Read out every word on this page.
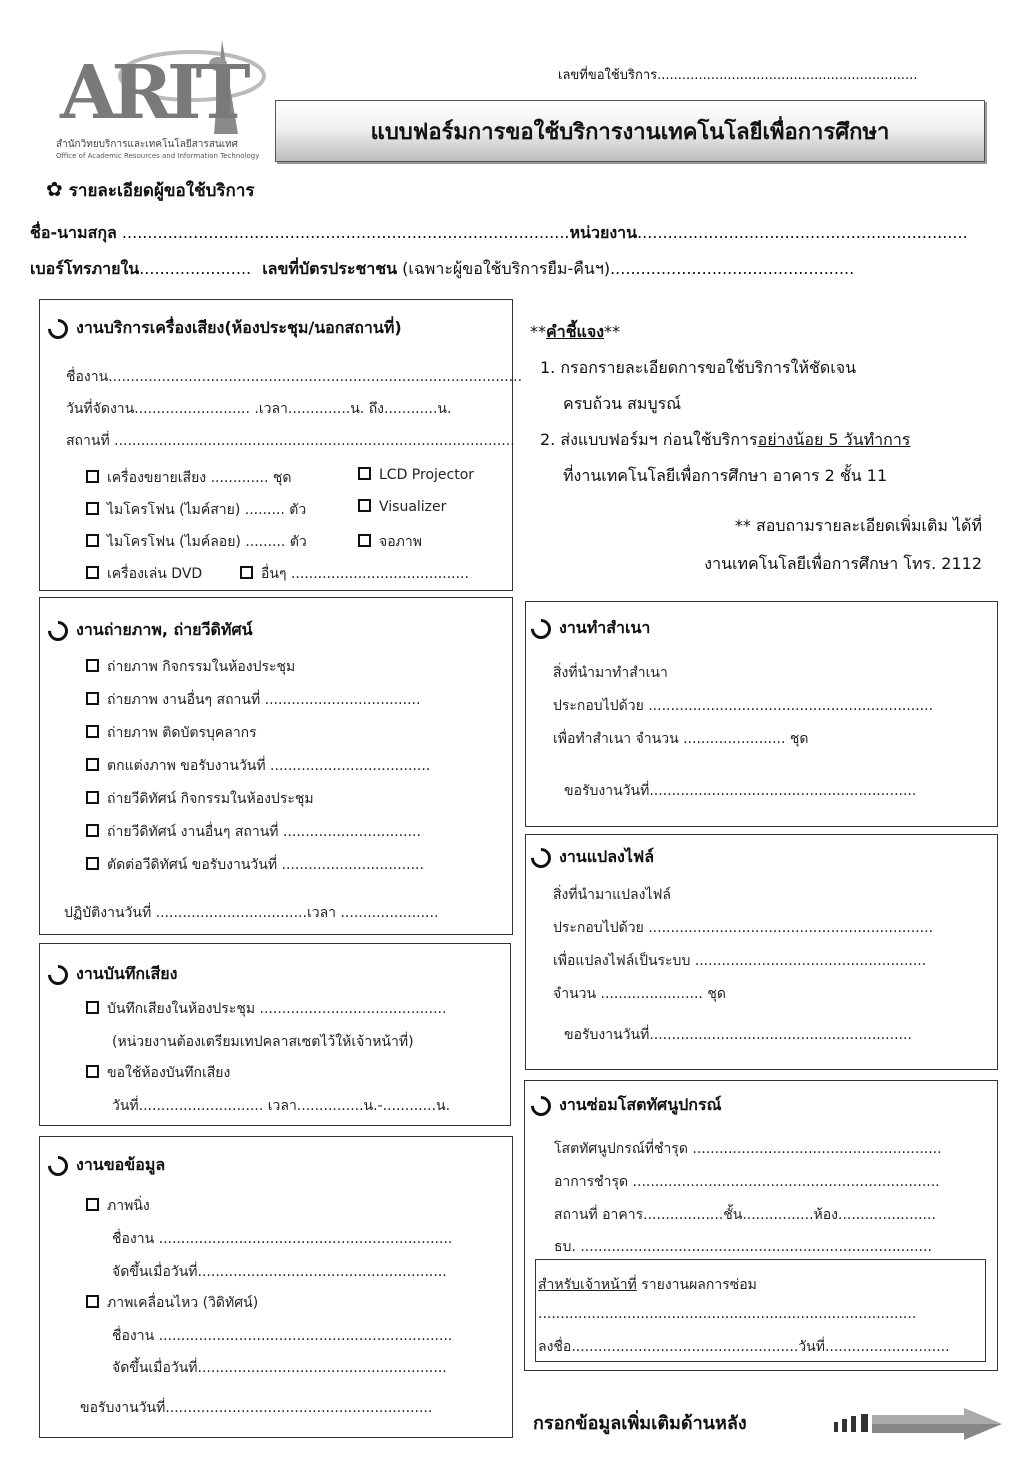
ARIT
สำนักวิทยบริการและเทคโนโลยีสารสนเทศ
Office of Academic Resources and Information Technology
เลขที่ขอใช้บริการ...............................................................
แบบฟอร์มการขอใช้บริการงานเทคโนโลยีเพื่อการศึกษา
✿ รายละเอียดผู้ขอใช้บริการ
ชื่อ-นามสกุล ........................................................................................หน่วยงาน.................................................................
เบอร์โทรภายใน...................... เลขที่บัตรประชาชน (เฉพาะผู้ขอใช้บริการยืม-คืนฯ)................................................
งานบริการเครื่องเสียง(ห้องประชุม/นอกสถานที่)
ชื่องาน.............................................................................................
วันที่จัดงาน.......................... .เวลา..............น. ถึง............น.
สถานที่ ..........................................................................................
เครื่องขยายเสียง ............. ชุด
ไมโครโฟน (ไมค์สาย) ......... ตัว
ไมโครโฟน (ไมค์ลอย) ......... ตัว
เครื่องเล่น DVD
LCD Projector
Visualizer
จอภาพ
อื่นๆ ........................................
**คำชี้แจง**
1. กรอกรายละเอียดการขอใช้บริการให้ชัดเจน
ครบถ้วน สมบูรณ์
2. ส่งแบบฟอร์มฯ ก่อนใช้บริการอย่างน้อย 5 วันทำการ
ที่งานเทคโนโลยีเพื่อการศึกษา อาคาร 2 ชั้น 11
** สอบถามรายละเอียดเพิ่มเติม ได้ที่
งานเทคโนโลยีเพื่อการศึกษา โทร. 2112
งานถ่ายภาพ, ถ่ายวีดิทัศน์
ถ่ายภาพ กิจกรรมในห้องประชุม
ถ่ายภาพ งานอื่นๆ สถานที่ ...................................
ถ่ายภาพ ติดบัตรบุคลากร
ตกแต่งภาพ ขอรับงานวันที่ ....................................
ถ่ายวีดิทัศน์ กิจกรรมในห้องประชุม
ถ่ายวีดิทัศน์ งานอื่นๆ สถานที่ ...............................
ตัดต่อวีดิทัศน์ ขอรับงานวันที่ ................................
ปฏิบัติงานวันที่ ..................................เวลา ......................
งานทำสำเนา
สิ่งที่นำมาทำสำเนา
ประกอบไปด้วย ................................................................
เพื่อทำสำเนา จำนวน ....................... ชุด
ขอรับงานวันที่............................................................
งานแปลงไฟล์
สิ่งที่นำมาแปลงไฟล์
ประกอบไปด้วย ................................................................
เพื่อแปลงไฟล์เป็นระบบ ....................................................
จำนวน ....................... ชุด
ขอรับงานวันที่...........................................................
งานบันทึกเสียง
บันทึกเสียงในห้องประชุม ..........................................
(หน่วยงานต้องเตรียมเทปคลาสเซตไว้ให้เจ้าหน้าที่)
ขอใช้ห้องบันทึกเสียง
วันที่............................ เวลา...............น.-............น.	งานซ่อมโสตทัศนูปกรณ์
โสตทัศนูปกรณ์ที่ชำรุด ........................................................
อาการชำรุด .....................................................................
สถานที่ อาคาร..................ชั้น................ห้อง......................
ธบ. ...............................................................................
สำหรับเจ้าหน้าที่ รายงานผลการซ่อม
.....................................................................................
ลงชื่อ...................................................วันที่............................
งานขอข้อมูล
ภาพนิ่ง
ชื่องาน ..................................................................
จัดขึ้นเมื่อวันที่........................................................
ภาพเคลื่อนไหว (วิดิทัศน์)
ชื่องาน ..................................................................
จัดขึ้นเมื่อวันที่........................................................
ขอรับงานวันที่............................................................
กรอกข้อมูลเพิ่มเติมด้านหลัง
